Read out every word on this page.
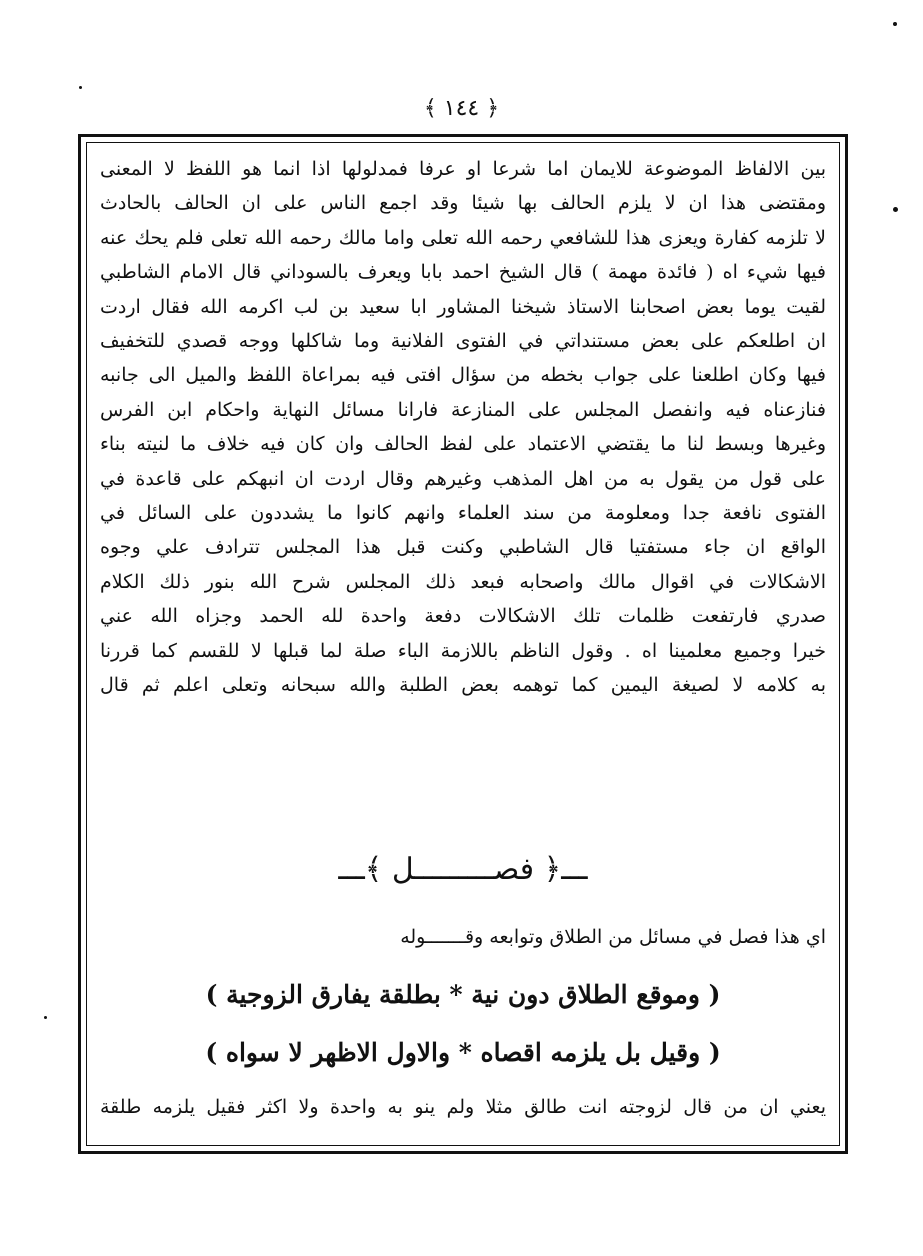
﴾ ١٤٤ ﴿
بين الالفاظ الموضوعة للايمان اما شرعا او عرفا فمدلولها اذا انما هو اللفظ لا المعنى
ومقتضى هذا ان لا يلزم الحالف بها شيئا وقد اجمع الناس على ان الحالف بالحادث
لا تلزمه كفارة ويعزى هذا للشافعي رحمه الله تعلى واما مالك رحمه الله تعلى فلم يحك عنه
فيها شيء اه ( فائدة مهمة ) قال الشيخ احمد بابا ويعرف بالسوداني قال الامام الشاطبي
لقيت يوما بعض اصحابنا الاستاذ شيخنا المشاور ابا سعيد بن لب اكرمه الله فقال اردت
ان اطلعكم على بعض مستنداتي في الفتوى الفلانية وما شاكلها ووجه قصدي للتخفيف
فيها وكان اطلعنا على جواب بخطه من سؤال افتى فيه بمراعاة اللفظ والميل الى جانبه
فنازعناه فيه وانفصل المجلس على المنازعة فارانا مسائل النهاية واحكام ابن الفرس
وغيرها وبسط لنا ما يقتضي الاعتماد على لفظ الحالف وان كان فيه خلاف ما لنيته بناء
على قول من يقول به من اهل المذهب وغيرهم وقال اردت ان انبهكم على قاعدة في
الفتوى نافعة جدا ومعلومة من سند العلماء وانهم كانوا ما يشددون على السائل في
الواقع ان جاء مستفتيا قال الشاطبي وكنت قبل هذا المجلس تترادف علي وجوه
الاشكالات في اقوال مالك واصحابه فبعد ذلك المجلس شرح الله بنور ذلك الكلام
صدري فارتفعت ظلمات تلك الاشكالات دفعة واحدة لله الحمد وجزاه الله عني
خيرا وجميع معلمينا اه . وقول الناظم باللازمة الباء صلة لما قبلها لا للقسم كما قررنا
به كلامه لا لصيغة اليمين كما توهمه بعض الطلبة والله سبحانه وتعلى اعلم ثم قال
ـــ﴿ فصـــــــــل ﴾ـــ
اي هذا فصل في مسائل من الطلاق وتوابعه وقـــــــوله
( وموقع الطلاق دون نية * بطلقة يفارق الزوجية )
( وقيل بل يلزمه اقصاه * والاول الاظهر لا سواه )
يعني ان من قال لزوجته انت طالق مثلا ولم ينو به واحدة ولا اكثر فقيل يلزمه طلقة
